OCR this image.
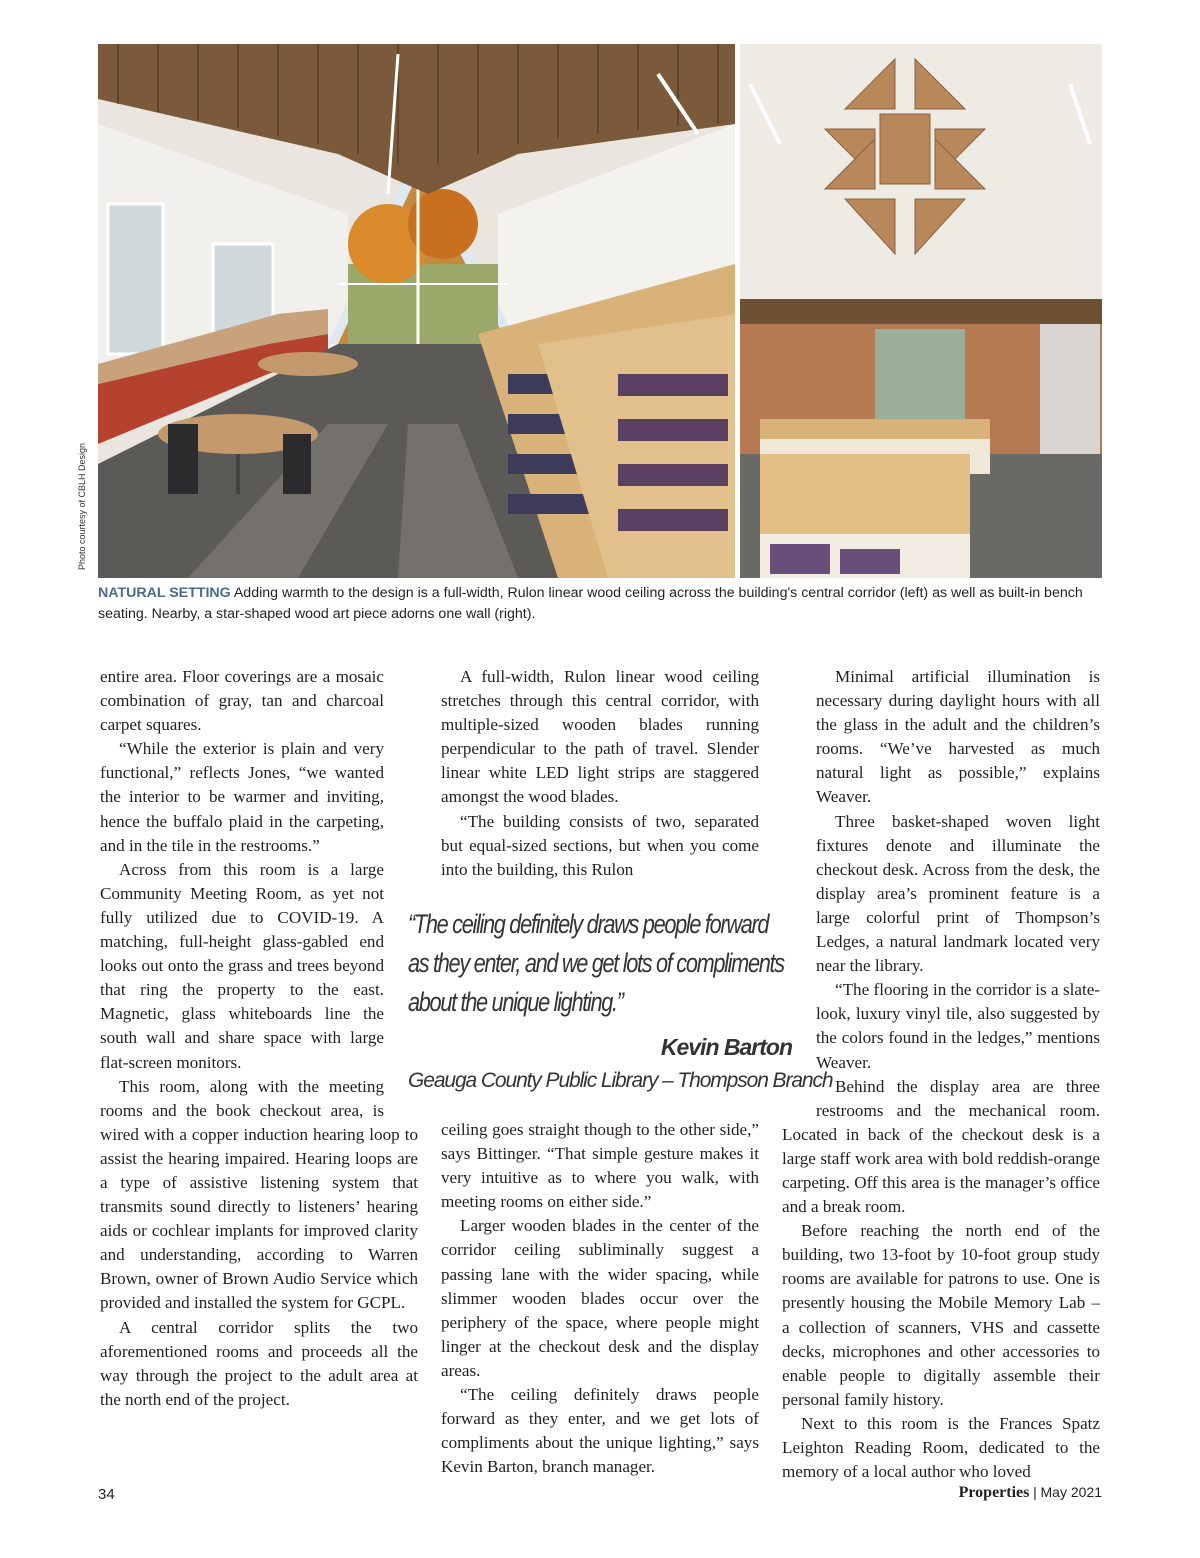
Photo courtesy of CBLH Design
NATURAL SETTING Adding warmth to the design is a full-width, Rulon linear wood ceiling across the building's central corridor (left) as well as built-in bench seating. Nearby, a star-shaped wood art piece adorns one wall (right).

entire area. Floor coverings are a mosaic combination of gray, tan and charcoal carpet squares.

“While the exterior is plain and very functional,” reflects Jones, “we wanted the interior to be warmer and inviting, hence the buffalo plaid in the carpeting, and in the tile in the restrooms.”

Across from this room is a large Community Meeting Room, as yet not fully utilized due to COVID-19. A matching, full-height glass-gabled end looks out onto the grass and trees beyond that ring the property to the east. Magnetic, glass whiteboards line the south wall and share space with large flat-screen monitors.

This room, along with the meeting rooms and the book checkout area, is wired with a copper induction hearing loop to assist the hearing impaired. Hearing loops are a type of assistive listening system that transmits sound directly to listeners’ hearing aids or cochlear implants for improved clarity and understanding, according to Warren Brown, owner of Brown Audio Service which provided and installed the system for GCPL.

A central corridor splits the two aforementioned rooms and proceeds all the way through the project to the adult area at the north end of the project.

A full-width, Rulon linear wood ceiling stretches through this central corridor, with multiple-sized wooden blades running perpendicular to the path of travel. Slender linear white LED light strips are staggered amongst the wood blades.

“The building consists of two, separated but equal-sized sections, but when you come into the building, this Rulon

“The ceiling definitely draws people forward as they enter, and we get lots of compliments about the unique lighting.”
Kevin Barton
Geauga County Public Library – Thompson Branch

ceiling goes straight though to the other side,” says Bittinger. “That simple gesture makes it very intuitive as to where you walk, with meeting rooms on either side.”

Larger wooden blades in the center of the corridor ceiling subliminally suggest a passing lane with the wider spacing, while slimmer wooden blades occur over the periphery of the space, where people might linger at the checkout desk and the display areas.

“The ceiling definitely draws people forward as they enter, and we get lots of compliments about the unique lighting,” says Kevin Barton, branch manager.

Minimal artificial illumination is necessary during daylight hours with all the glass in the adult and the children’s rooms. “We’ve harvested as much natural light as possible,” explains Weaver.

Three basket-shaped woven light fixtures denote and illuminate the checkout desk. Across from the desk, the display area’s prominent feature is a large colorful print of Thompson’s Ledges, a natural landmark located very near the library.

“The flooring in the corridor is a slate-look, luxury vinyl tile, also suggested by the colors found in the ledges,” mentions Weaver.

Behind the display area are three restrooms and the mechanical room. Located in back of the checkout desk is a large staff work area with bold reddish-orange carpeting. Off this area is the manager’s office and a break room.

Before reaching the north end of the building, two 13-foot by 10-foot group study rooms are available for patrons to use. One is presently housing the Mobile Memory Lab – a collection of scanners, VHS and cassette decks, microphones and other accessories to enable people to digitally assemble their personal family history.

Next to this room is the Frances Spatz Leighton Reading Room, dedicated to the memory of a local author who loved

34	Properties | May 2021
